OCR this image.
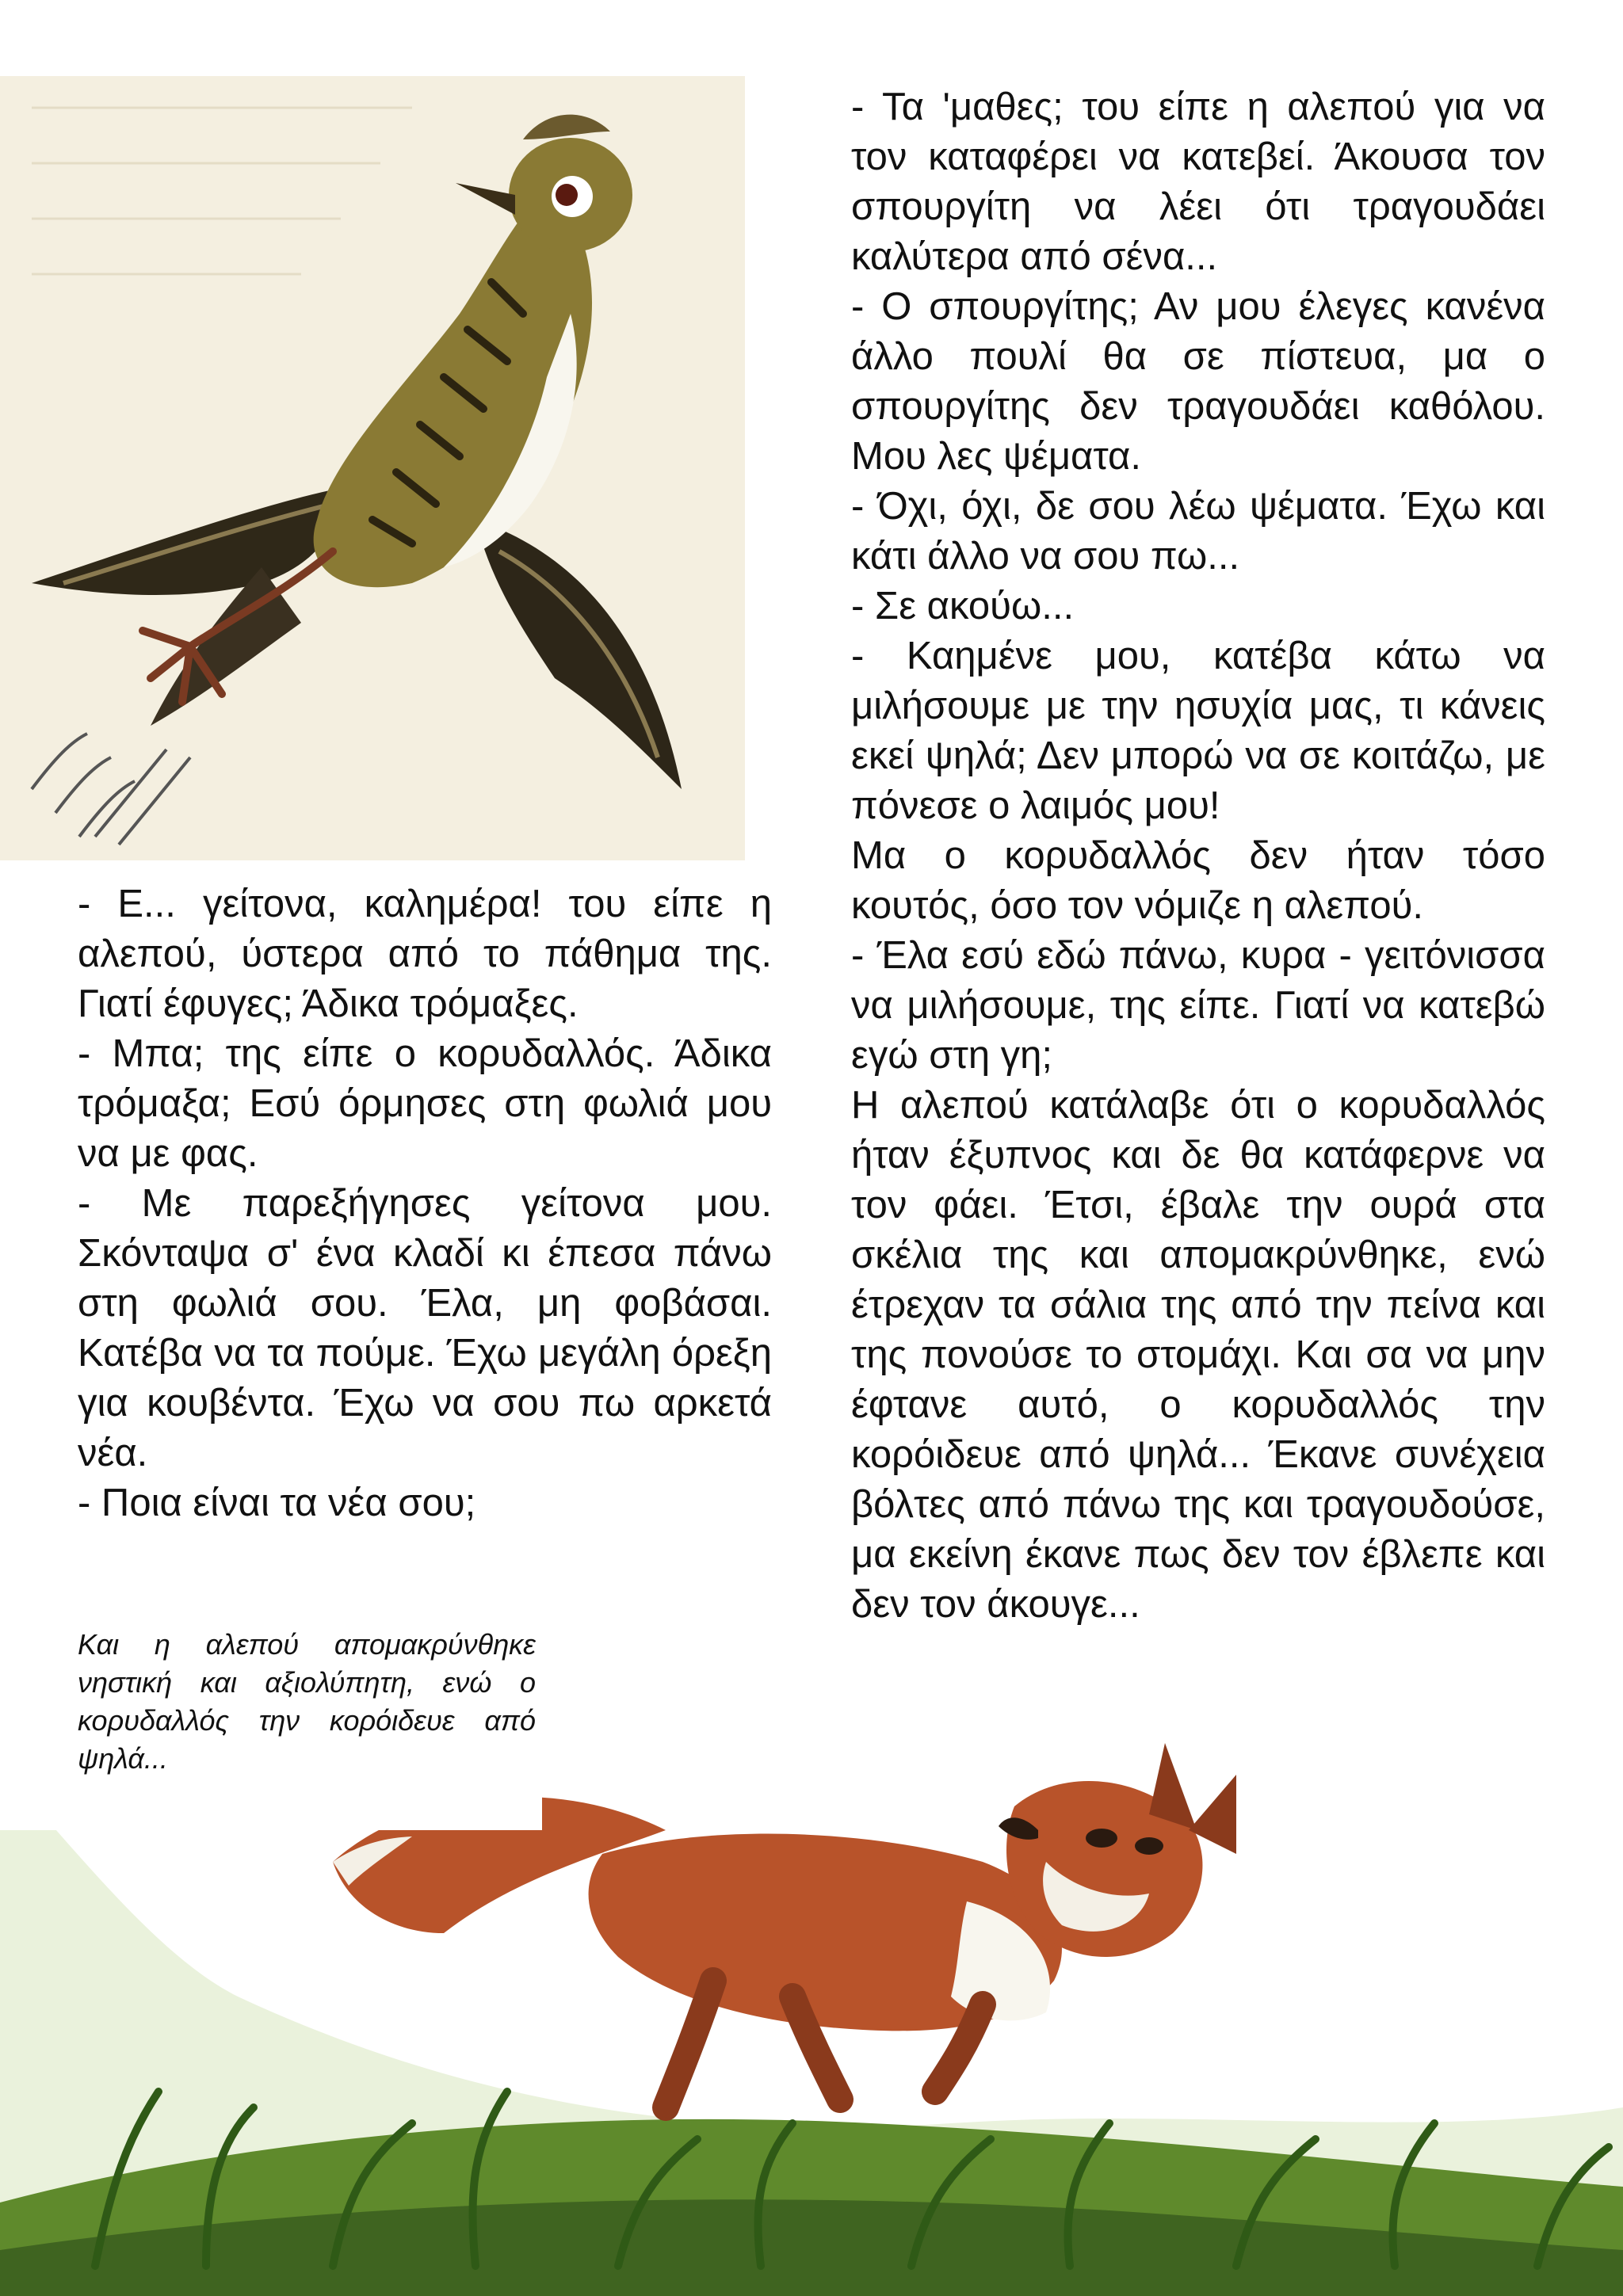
- Ε... γείτονα, καλημέρα! του είπε η αλεπού, ύστερα από το πάθημα της. Γιατί έφυγες; Άδικα τρόμαξες.

- Μπα; της είπε ο κορυδαλλός. Άδικα τρόμαξα; Εσύ όρμησες στη φωλιά μου να με φας.

- Με παρεξήγησες γείτονα μου. Σκόνταψα σ' ένα κλαδί κι έπεσα πάνω στη φωλιά σου. Έλα, μη φοβάσαι. Κατέβα να τα πούμε. Έχω μεγάλη όρεξη για κουβέντα. Έχω να σου πω αρκετά νέα.

- Ποια είναι τα νέα σου;

- Τα 'μαθες; του είπε η αλεπού για να τον καταφέρει να κατεβεί. Άκουσα τον σπουργίτη να λέει ότι τραγουδάει καλύτερα από σένα...

- Ο σπουργίτης; Αν μου έλεγες κανένα άλλο πουλί θα σε πίστευα, μα ο σπουργίτης δεν τραγουδάει καθόλου. Μου λες ψέματα.

- Όχι, όχι, δε σου λέω ψέματα. Έχω και κάτι άλλο να σου πω...

- Σε ακούω...

- Καημένε μου, κατέβα κάτω να μιλήσουμε με την ησυχία μας, τι κάνεις εκεί ψηλά; Δεν μπορώ να σε κοιτάζω, με πόνεσε ο λαιμός μου!

Μα ο κορυδαλλός δεν ήταν τόσο κουτός, όσο τον νόμιζε η αλεπού.

- Έλα εσύ εδώ πάνω, κυρα - γειτόνισσα να μιλήσουμε, της είπε. Γιατί να κατεβώ εγώ στη γη;

Η αλεπού κατάλαβε ότι ο κορυδαλλός ήταν έξυπνος και δε θα κατάφερνε να τον φάει. Έτσι, έβαλε την ουρά στα σκέλια της και απομακρύνθηκε, ενώ έτρεχαν τα σάλια της από την πείνα και της πονούσε το στομάχι. Και σα να μην έφτανε αυτό, ο κορυδαλλός την κορόιδευε από ψηλά... Έκανε συνέχεια βόλτες από πάνω της και τραγουδούσε, μα εκείνη έκανε πως δεν τον έβλεπε και δεν τον άκουγε...

Και η αλεπού απομακρύνθηκε νηστική και αξιολύπητη, ενώ ο κορυδαλλός την κορόιδευε από ψηλά...
